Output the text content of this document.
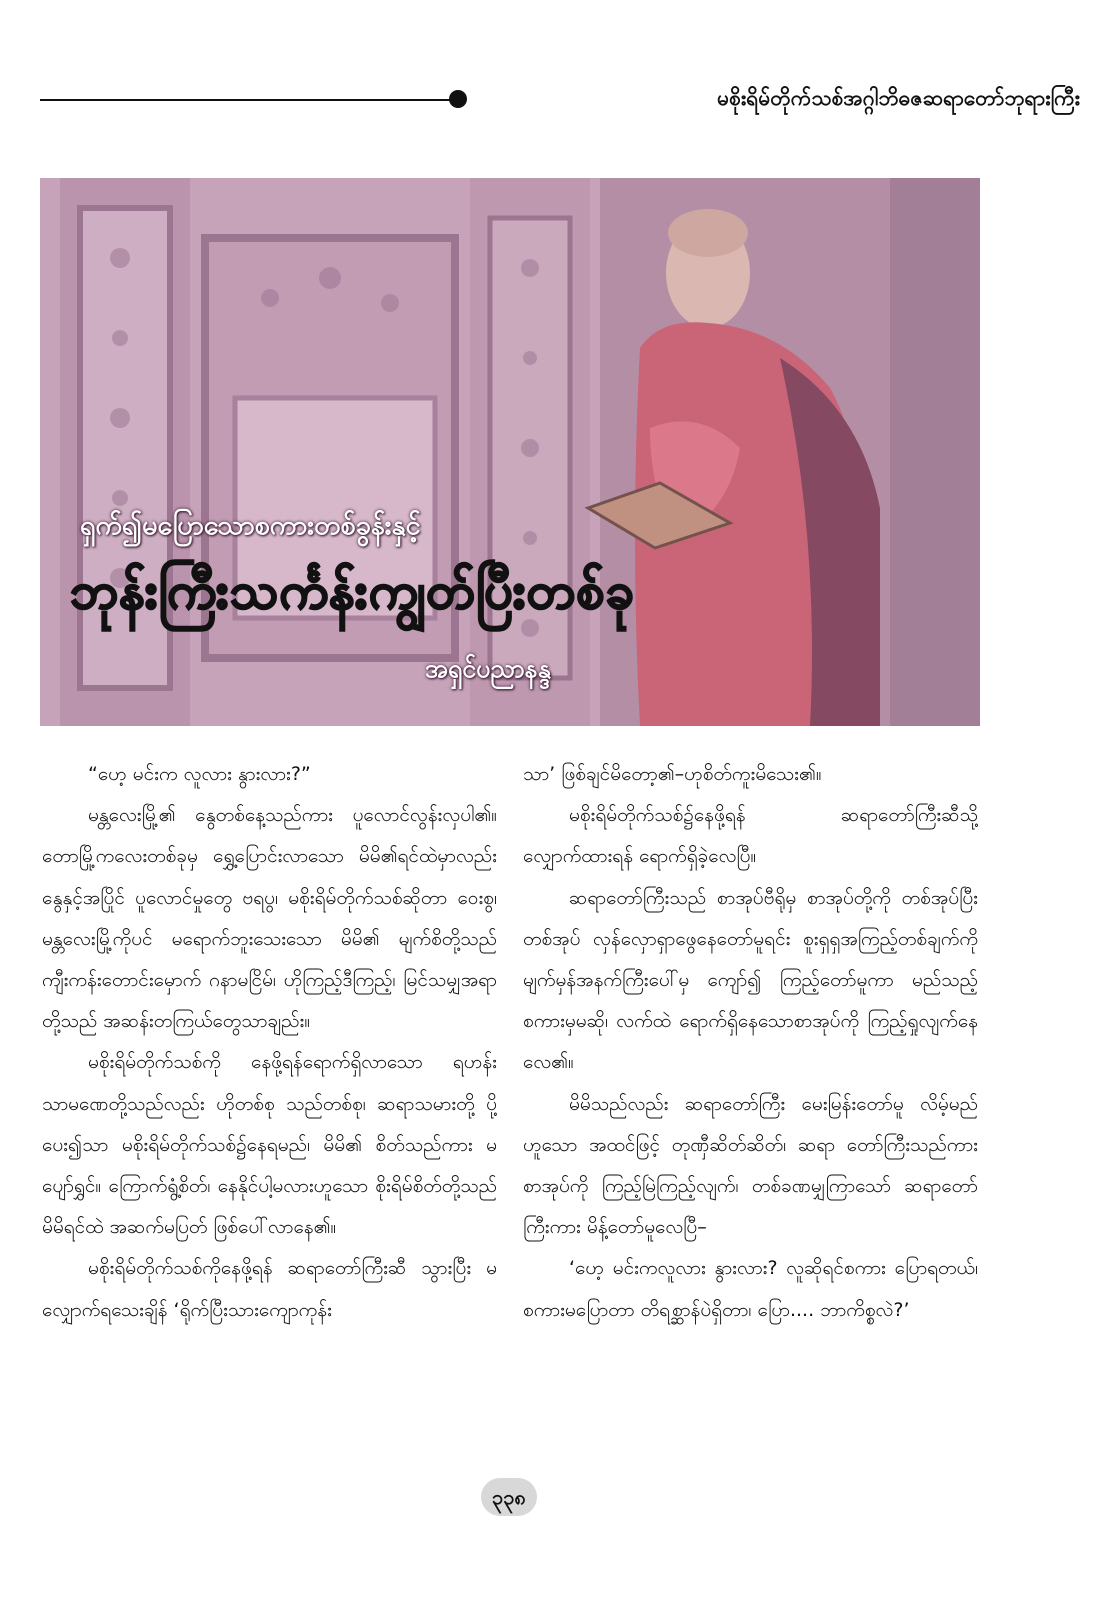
မစိုးရိမ်တိုက်သစ်အဂ္ဂါဘိဓဇဆရာတော်ဘုရားကြီး
ရှက်၍မပြောသောစကားတစ်ခွန်းနှင့်
ဘုန်းကြီးသင်္ကန်းကျွတ်ပြီးတစ်ခု
အရှင်ပညာနန္ဒ

“ဟေ့ မင်းက လူလား နွားလား?”

မန္တလေးမြို့၏ နွေတစ်နေ့သည်ကား ပူလောင်လွန်းလှပါ၏။ တောမြို့ကလေးတစ်ခုမှ ရွှေ့ပြောင်းလာသော မိမိ၏ရင်ထဲမှာလည်း နွေနှင့်အပြိုင် ပူလောင်မှုတွေ ဗရပွ၊ မစိုးရိမ်တိုက်သစ်ဆိုတာ ဝေးစွ၊ မန္တလေးမြို့ကိုပင် မရောက်ဘူးသေးသော မိမိ၏ မျက်စိတို့သည် ကျီးကန်းတောင်းမှောက် ဂနာမငြိမ်၊ ဟိုကြည့်ဒီကြည့်၊ မြင်သမျှအရာတို့သည် အဆန်းတကြယ်တွေသာချည်း။

မစိုးရိမ်တိုက်သစ်ကို နေဖို့ရန်ရောက်ရှိလာသော ရဟန်း သာမဏေတို့သည်လည်း ဟိုတစ်စု သည်တစ်စု၊ ဆရာသမားတို့ ပို့ပေး၍သာ မစိုးရိမ်တိုက်သစ်၌နေရမည်၊ မိမိ၏ စိတ်သည်ကား မပျော်ရွှင်။ ကြောက်ရွံ့စိတ်၊ နေနိုင်ပါ့မလားဟူသော စိုးရိမ်စိတ်တို့သည် မိမိရင်ထဲ အဆက်မပြတ် ဖြစ်ပေါ်လာနေ၏။

မစိုးရိမ်တိုက်သစ်ကိုနေဖို့ရန် ဆရာတော်ကြီးဆီ သွားပြီး မလျှောက်ရသေးချိန် ‘ရိုက်ပြီးသားကျောကုန်း

သာ’ ဖြစ်ချင်မိတော့၏–ဟုစိတ်ကူးမိသေး၏။

မစိုးရိမ်တိုက်သစ်၌နေဖို့ရန် ဆရာတော်ကြီးဆီသို့ လျှောက်ထားရန် ရောက်ရှိခဲ့လေပြီ။

ဆရာတော်ကြီးသည် စာအုပ်ဗီရိုမှ စာအုပ်တို့ကို တစ်အုပ်ပြီးတစ်အုပ် လှန်လှောရှာဖွေနေတော်မူရင်း စူးရှရှအကြည့်တစ်ချက်ကို မျက်မှန်အနက်ကြီးပေါ်မှ ကျော်၍ ကြည့်တော်မူကာ မည်သည့်စကားမှမဆို၊ လက်ထဲ ရောက်ရှိနေသောစာအုပ်ကို ကြည့်ရှုလျက်နေလေ၏။

မိမိသည်လည်း ဆရာတော်ကြီး မေးမြန်းတော်မူ လိမ့်မည်ဟူသော အထင်ဖြင့် တုဏှီဆိတ်ဆိတ်၊ ဆရာ တော်ကြီးသည်ကား စာအုပ်ကို ကြည့်မြဲကြည့်လျက်၊ တစ်ခဏမျှကြာသော် ဆရာတော်ကြီးကား မိန့်တော်မူလေပြီ–

‘ဟေ့ မင်းကလူလား နွားလား? လူဆိုရင်စကား ပြောရတယ်၊ စကားမပြောတာ တိရစ္ဆာန်ပဲရှိတာ၊ ပြော.... ဘာကိစ္စလဲ?’

၃၃၈
